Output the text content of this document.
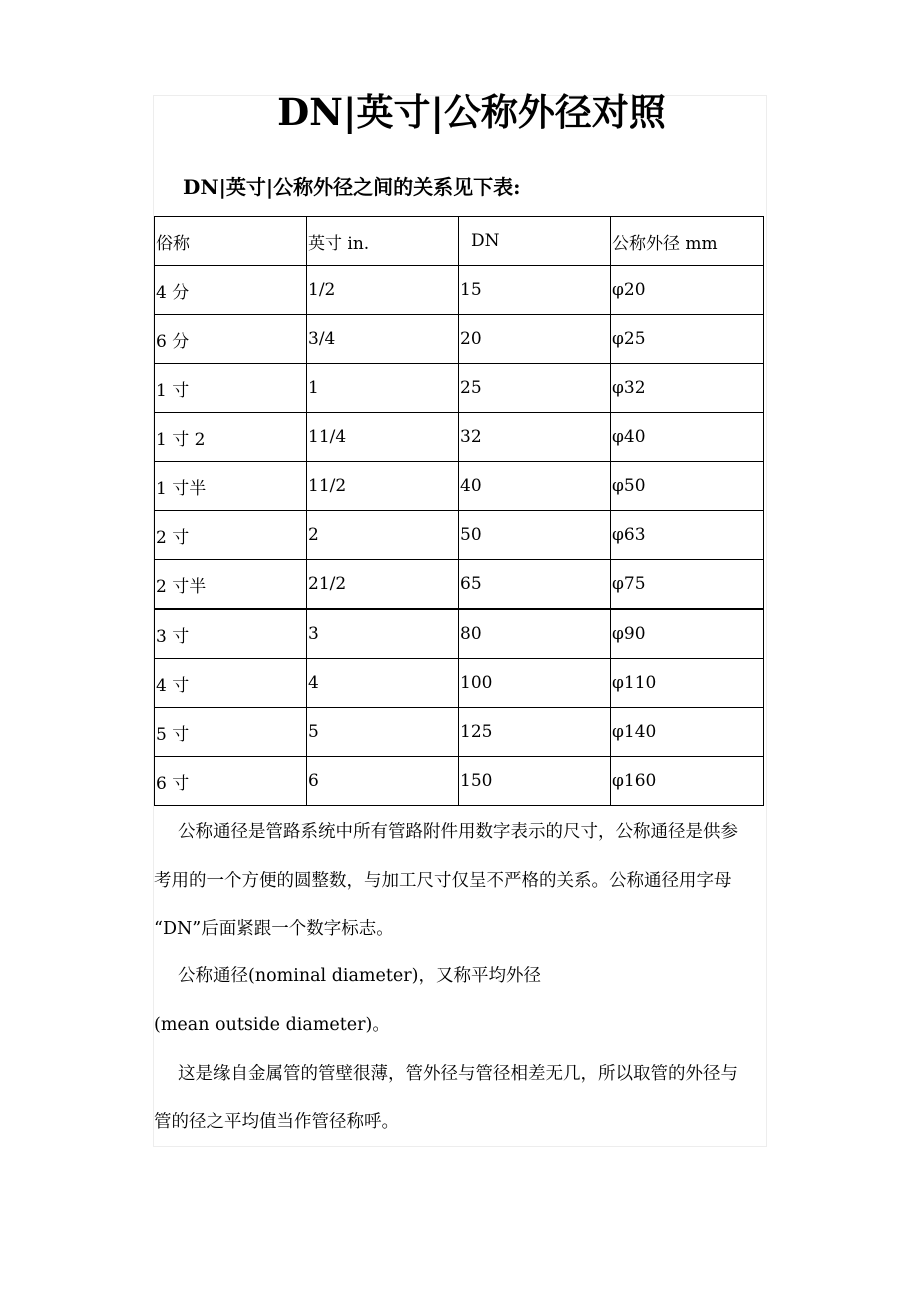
DN|英寸|公称外径对照
DN|英寸|公称外径之间的关系见下表:
俗称	英寸 in.	DN	公称外径 mm
4 分	1/2	15	φ20
6 分	3/4	20	φ25
1 寸	1	25	φ32
1 寸 2	11/4	32	φ40
1 寸半	11/2	40	φ50
2 寸	2	50	φ63
2 寸半	21/2	65	φ75
3 寸	3	80	φ90
4 寸	4	100	φ110
5 寸	5	125	φ140
6 寸	6	150	φ160
公称通径是管路系统中所有管路附件用数字表示的尺寸，公称通径是供参
考用的一个方便的圆整数，与加工尺寸仅呈不严格的关系。公称通径用字母
“DN”后面紧跟一个数字标志。
公称通径(nominal diameter)，又称平均外径
(mean outside diameter)。
这是缘自金属管的管壁很薄，管外径与管径相差无几，所以取管的外径与
管的径之平均值当作管径称呼。
